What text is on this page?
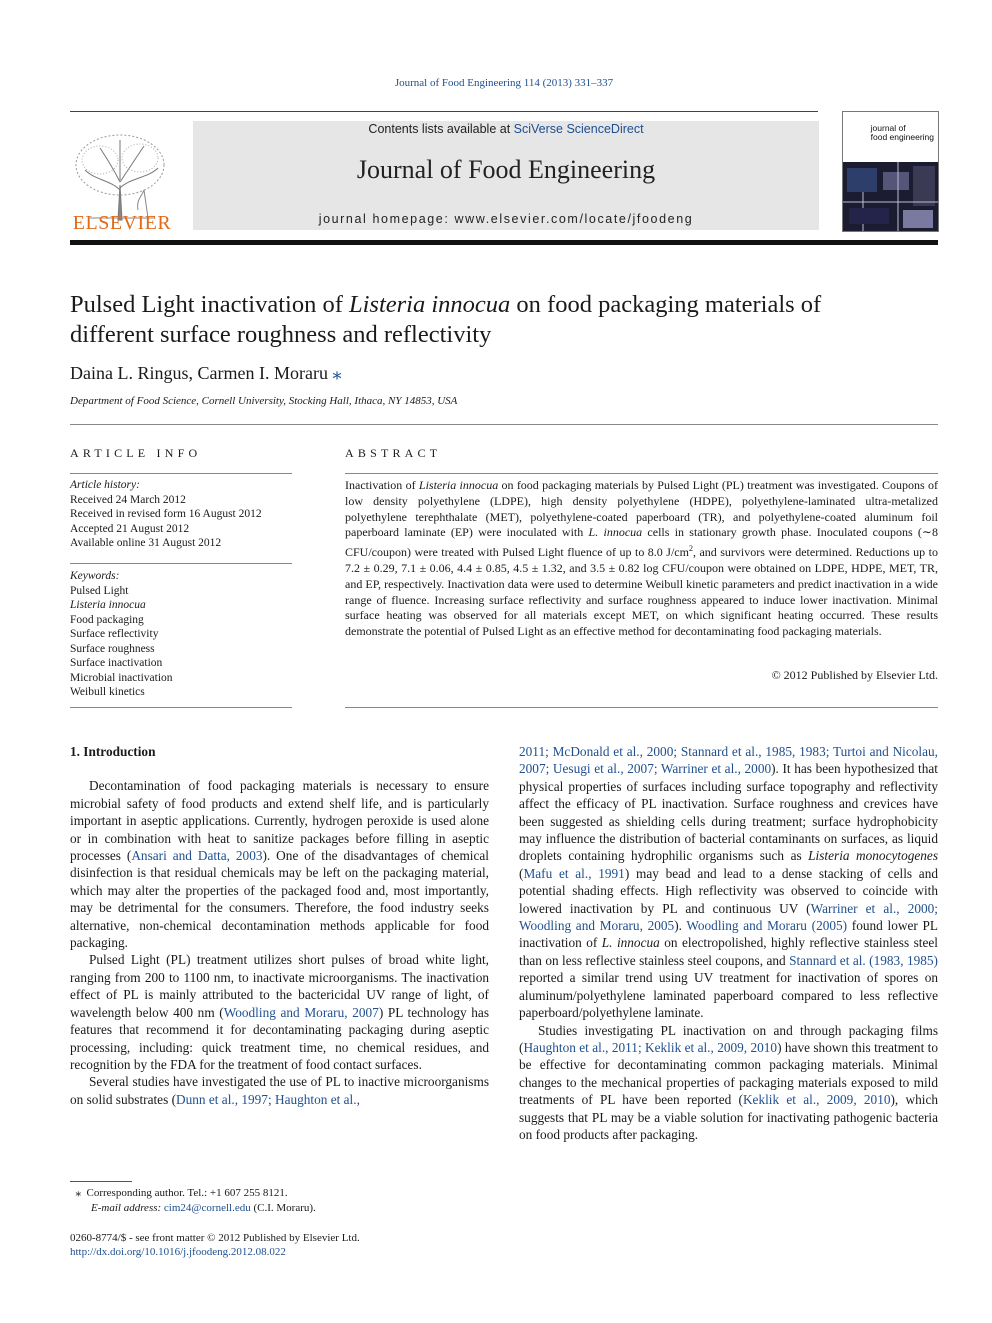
Journal of Food Engineering 114 (2013) 331–337
ELSEVIER
Contents lists available at SciVerse ScienceDirect
Journal of Food Engineering
journal homepage: www.elsevier.com/locate/jfoodeng
journal of
food engineering
Pulsed Light inactivation of Listeria innocua on food packaging materials of
different surface roughness and reflectivity
Daina L. Ringus, Carmen I. Moraru ⁎
Department of Food Science, Cornell University, Stocking Hall, Ithaca, NY 14853, USA
ARTICLE INFO
Article history:
Received 24 March 2012
Received in revised form 16 August 2012
Accepted 21 August 2012
Available online 31 August 2012
Keywords:
Pulsed Light
Listeria innocua
Food packaging
Surface reflectivity
Surface roughness
Surface inactivation
Microbial inactivation
Weibull kinetics
ABSTRACT
Inactivation of Listeria innocua on food packaging materials by Pulsed Light (PL) treatment was investigated. Coupons of low density polyethylene (LDPE), high density polyethylene (HDPE), polyethylene-laminated ultra-metalized polyethylene terephthalate (MET), polyethylene-coated paperboard (TR), and polyethylene-coated aluminum foil paperboard laminate (EP) were inoculated with L. innocua cells in stationary growth phase. Inoculated coupons (∼8 CFU/coupon) were treated with Pulsed Light fluence of up to 8.0 $J/cm^2$, and survivors were determined. Reductions up to 7.2 ± 0.29, 7.1 ± 0.06, 4.4 ± 0.85, 4.5 ± 1.32, and 3.5 ± 0.82 log CFU/coupon were obtained on LDPE, HDPE, MET, TR, and EP, respectively. Inactivation data were used to determine Weibull kinetic parameters and predict inactivation in a wide range of fluence. Increasing surface reflectivity and surface roughness appeared to induce lower inactivation. Minimal surface heating was observed for all materials except MET, on which significant heating occurred. These results demonstrate the potential of Pulsed Light as an effective method for decontaminating food packaging materials.
© 2012 Published by Elsevier Ltd.

1. Introduction

Decontamination of food packaging materials is necessary to ensure microbial safety of food products and extend shelf life, and is particularly important in aseptic applications. Currently, hydrogen peroxide is used alone or in combination with heat to sanitize packages before filling in aseptic processes (Ansari and Datta, 2003). One of the disadvantages of chemical disinfection is that residual chemicals may be left on the packaging material, which may alter the properties of the packaged food and, most importantly, may be detrimental for the consumers. Therefore, the food industry seeks alternative, non-chemical decontamination methods applicable for food packaging.

Pulsed Light (PL) treatment utilizes short pulses of broad white light, ranging from 200 to 1100 nm, to inactivate microorganisms. The inactivation effect of PL is mainly attributed to the bactericidal UV range of light, of wavelength below 400 nm (Woodling and Moraru, 2007) PL technology has features that recommend it for decontaminating packaging during aseptic processing, including: quick treatment time, no chemical residues, and recognition by the FDA for the treatment of food contact surfaces.

Several studies have investigated the use of PL to inactive microorganisms on solid substrates (Dunn et al., 1997; Haughton et al.,

2011; McDonald et al., 2000; Stannard et al., 1985, 1983; Turtoi and Nicolau, 2007; Uesugi et al., 2007; Warriner et al., 2000). It has been hypothesized that physical properties of surfaces including surface topography and reflectivity affect the efficacy of PL inactivation. Surface roughness and crevices have been suggested as shielding cells during treatment; surface hydrophobicity may influence the distribution of bacterial contaminants on surfaces, as liquid droplets containing hydrophilic organisms such as Listeria monocytogenes (Mafu et al., 1991) may bead and lead to a dense stacking of cells and potential shading effects. High reflectivity was observed to coincide with lowered inactivation by PL and continuous UV (Warriner et al., 2000; Woodling and Moraru, 2005). Woodling and Moraru (2005) found lower PL inactivation of L. innocua on electropolished, highly reflective stainless steel than on less reflective stainless steel coupons, and Stannard et al. (1983, 1985) reported a similar trend using UV treatment for inactivation of spores on aluminum/polyethylene laminated paperboard compared to less reflective paperboard/polyethylene laminate.

Studies investigating PL inactivation on and through packaging films (Haughton et al., 2011; Keklik et al., 2009, 2010) have shown this treatment to be effective for decontaminating common packaging materials. Minimal changes to the mechanical properties of packaging materials exposed to mild treatments of PL have been reported (Keklik et al., 2009, 2010), which suggests that PL may be a viable solution for inactivating pathogenic bacteria on food products after packaging.

⁎ Corresponding author. Tel.: +1 607 255 8121.
E-mail address: cim24@cornell.edu (C.I. Moraru).
0260-8774/$ - see front matter © 2012 Published by Elsevier Ltd.
http://dx.doi.org/10.1016/j.jfoodeng.2012.08.022
